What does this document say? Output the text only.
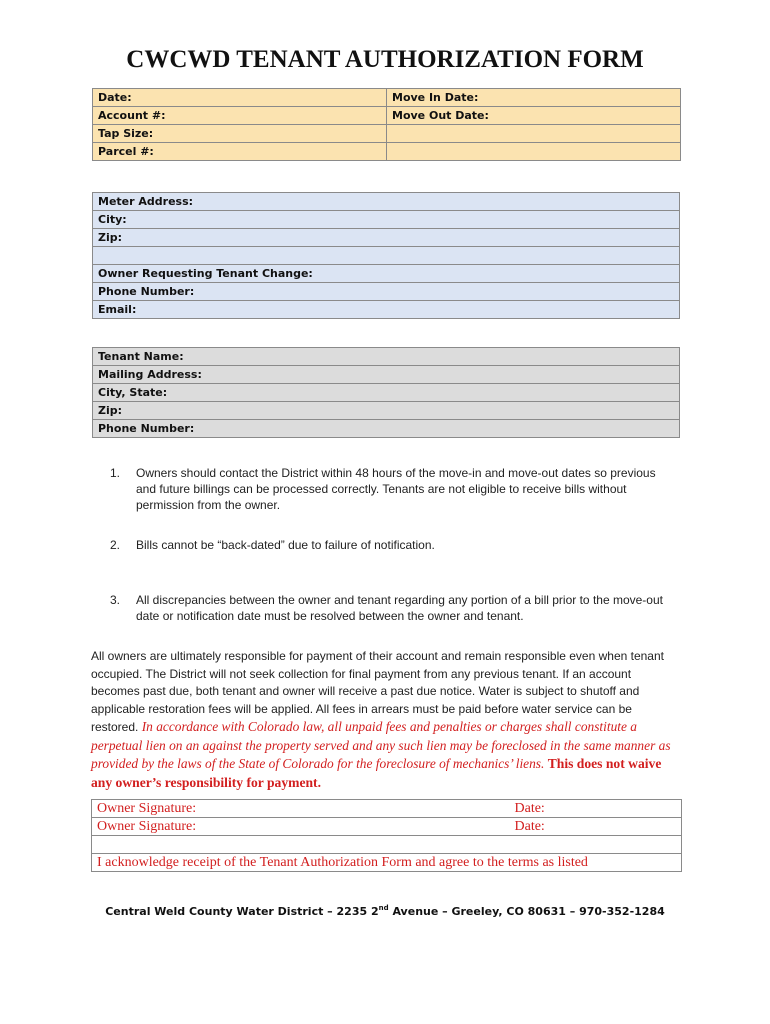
CWCWD TENANT AUTHORIZATION FORM
Date:	Move In Date:
Account #:	Move Out Date:
Tap Size:	
Parcel #:	
Meter Address:
City:
Zip:

Owner Requesting Tenant Change:
Phone Number:
Email:
Tenant Name:
Mailing Address:
City, State:
Zip:
Phone Number:
1. Owners should contact the District within 48 hours of the move-in and move-out dates so previous and future billings can be processed correctly. Tenants are not eligible to receive bills without permission from the owner.
2. Bills cannot be “back-dated” due to failure of notification.
3. All discrepancies between the owner and tenant regarding any portion of a bill prior to the move-out date or notification date must be resolved between the owner and tenant.

All owners are ultimately responsible for payment of their account and remain responsible even when tenant occupied. The District will not seek collection for final payment from any previous tenant. If an account becomes past due, both tenant and owner will receive a past due notice. Water is subject to shutoff and applicable restoration fees will be applied. All fees in arrears must be paid before water service can be restored. In accordance with Colorado law, all unpaid fees and penalties or charges shall constitute a perpetual lien on an against the property served and any such lien may be foreclosed in the same manner as provided by the laws of the State of Colorado for the foreclosure of mechanics’ liens. This does not waive any owner’s responsibility for payment.

Owner Signature:	Date:
Owner Signature:	Date:

I acknowledge receipt of the Tenant Authorization Form and agree to the terms as listed	
Central Weld County Water District – 2235 2nd Avenue – Greeley, CO 80631 – 970-352-1284
